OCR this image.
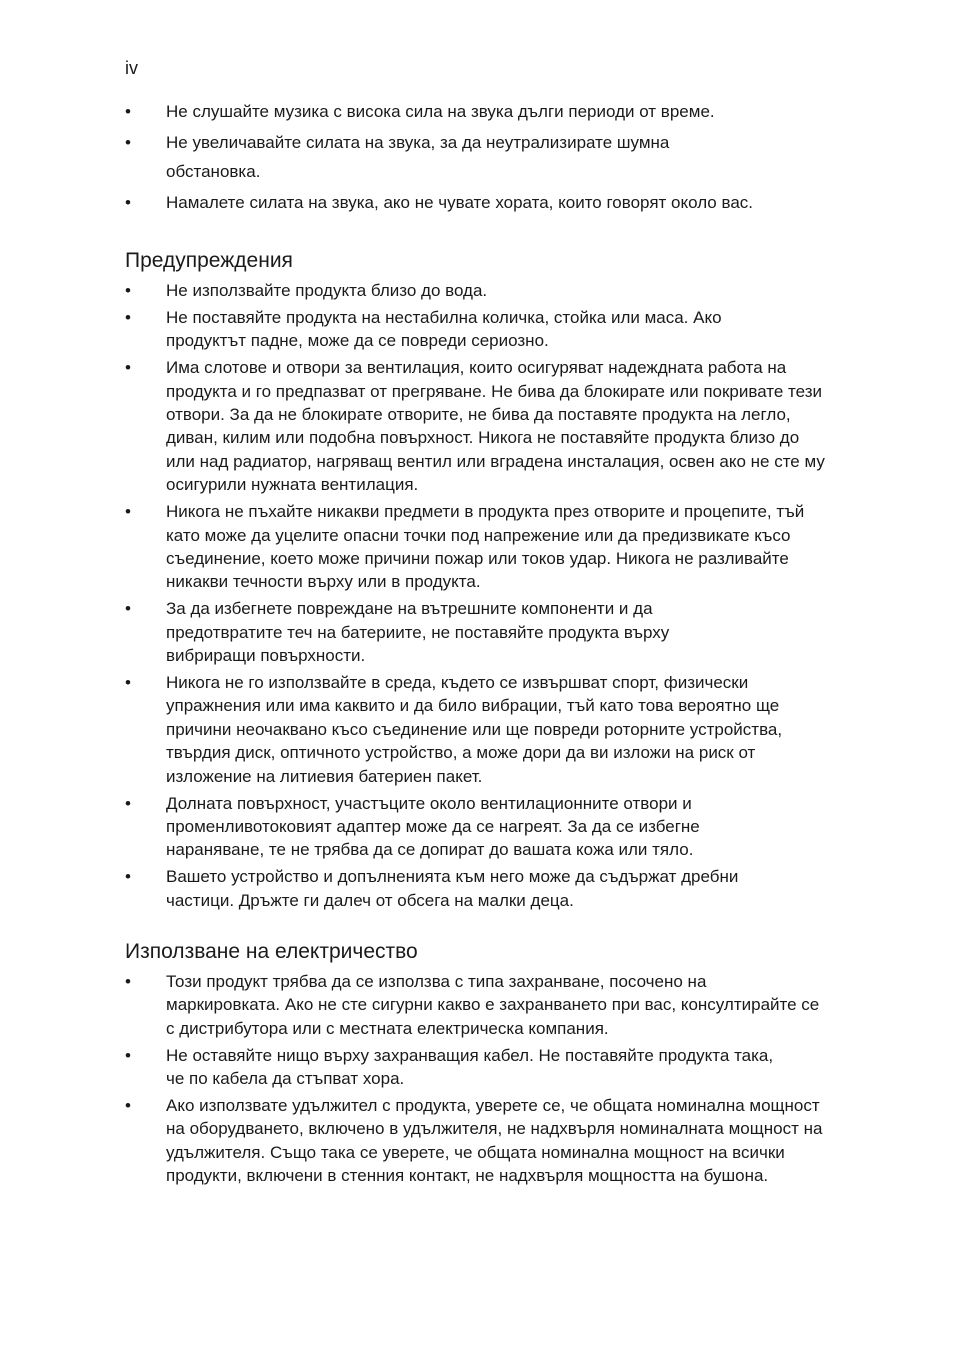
iv
•	Не слушайте музика с висока сила на звука дълги периоди от време.
•	Не увеличавайте силата на звука, за да неутрализирате шумна обстановка.
•	Намалете силата на звука, ако не чувате хората, които говорят около вас.
Предупреждения
•	Не използвайте продукта близо до вода.
•	Не поставяйте продукта на нестабилна количка, стойка или маса. Ако продуктът падне, може да се повреди сериозно.
•	Има слотове и отвори за вентилация, които осигуряват надеждната работа на продукта и го предпазват от прегряване. Не бива да блокирате или покривате тези отвори. За да не блокирате отворите, не бива да поставяте продукта на легло, диван, килим или подобна повърхност. Никога не поставяйте продукта близо до или над радиатор, нагряващ вентил или вградена инсталация, освен ако не сте му осигурили нужната вентилация.
•	Никога не пъхайте никакви предмети в продукта през отворите и процепите, тъй като може да уцелите опасни точки под напрежение или да предизвикате късо съединение, което може причини пожар или токов удар. Никога не разливайте никакви течности върху или в продукта.
•	За да избегнете повреждане на вътрешните компоненти и да предотвратите теч на батериите, не поставяйте продукта върху вибриращи повърхности.
•	Никога не го използвайте в среда, където се извършват спорт, физически упражнения или има каквито и да било вибрации, тъй като това вероятно ще причини неочаквано късо съединение или ще повреди роторните устройства, твърдия диск, оптичното устройство, а може дори да ви изложи на риск от изложение на литиевия батериен пакет.
•	Долната повърхност, участъците около вентилационните отвори и променливотоковият адаптер може да се нагреят. За да се избегне нараняване, те не трябва да се допират до вашата кожа или тяло.
•	Вашето устройство и допълненията към него може да съдържат дребни частици. Дръжте ги далеч от обсега на малки деца.
Използване на електричество
•	Този продукт трябва да се използва с типа захранване, посочено на маркировката. Ако не сте сигурни какво е захранването при вас, консултирайте се с дистрибутора или с местната електрическа компания.
•	Не оставяйте нищо върху захранващия кабел. Не поставяйте продукта така, че по кабела да стъпват хора.
•	Ако използвате удължител с продукта, уверете се, че общата номинална мощност на оборудването, включено в удължителя, не надхвърля номиналната мощност на удължителя. Също така се уверете, че общата номинална мощност на всички продукти, включени в стенния контакт, не надхвърля мощността на бушона.
